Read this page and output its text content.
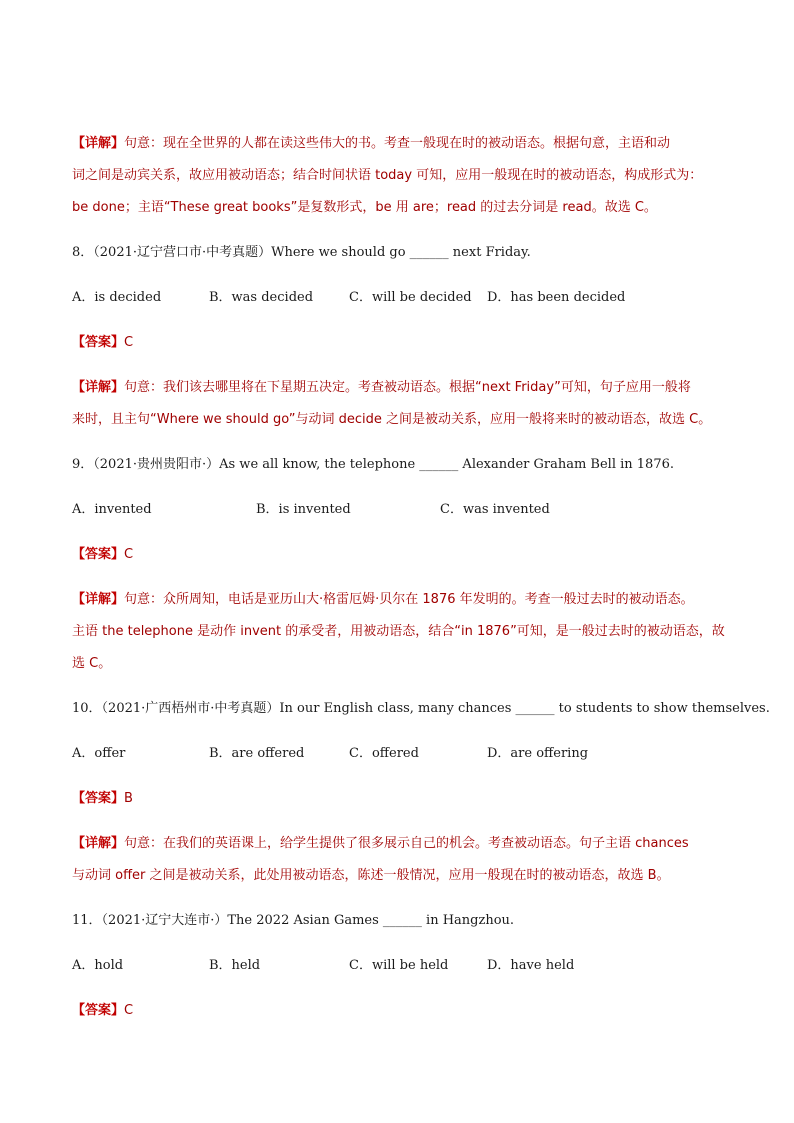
【详解】句意：现在全世界的人都在读这些伟大的书。考查一般现在时的被动语态。根据句意，主语和动
词之间是动宾关系，故应用被动语态；结合时间状语 today 可知，应用一般现在时的被动语态，构成形式为：
be done；主语“These great books”是复数形式，be 用 are；read 的过去分词是 read。故选 C。
8．（2021·辽宁营口市·中考真题）Where we should go ______ next Friday.
A．is decided	B．was decided	C．will be decided D．has been decided
【答案】C
【详解】句意：我们该去哪里将在下星期五决定。考查被动语态。根据“next Friday”可知，句子应用一般将
来时，且主句“Where we should go”与动词 decide 之间是被动关系，应用一般将来时的被动语态，故选 C。
9．（2021·贵州贵阳市·）As we all know, the telephone ______ Alexander Graham Bell in 1876.
A．invented	B．is invented	C．was invented
【答案】C
【详解】句意：众所周知，电话是亚历山大·格雷厄姆·贝尔在 1876 年发明的。考查一般过去时的被动语态。
主语 the telephone 是动作 invent 的承受者，用被动语态，结合“in 1876”可知，是一般过去时的被动语态，故
选 C。
10．（2021·广西梧州市·中考真题）In our English class, many chances ______ to students to show themselves.
A．offer	B．are offered	C．offered	D．are offering
【答案】B
【详解】句意：在我们的英语课上，给学生提供了很多展示自己的机会。考查被动语态。句子主语 chances
与动词 offer 之间是被动关系，此处用被动语态，陈述一般情况，应用一般现在时的被动语态，故选 B。
11．（2021·辽宁大连市·）The 2022 Asian Games ______ in Hangzhou.
A．hold	B．held	C．will be held	D．have held
【答案】C
